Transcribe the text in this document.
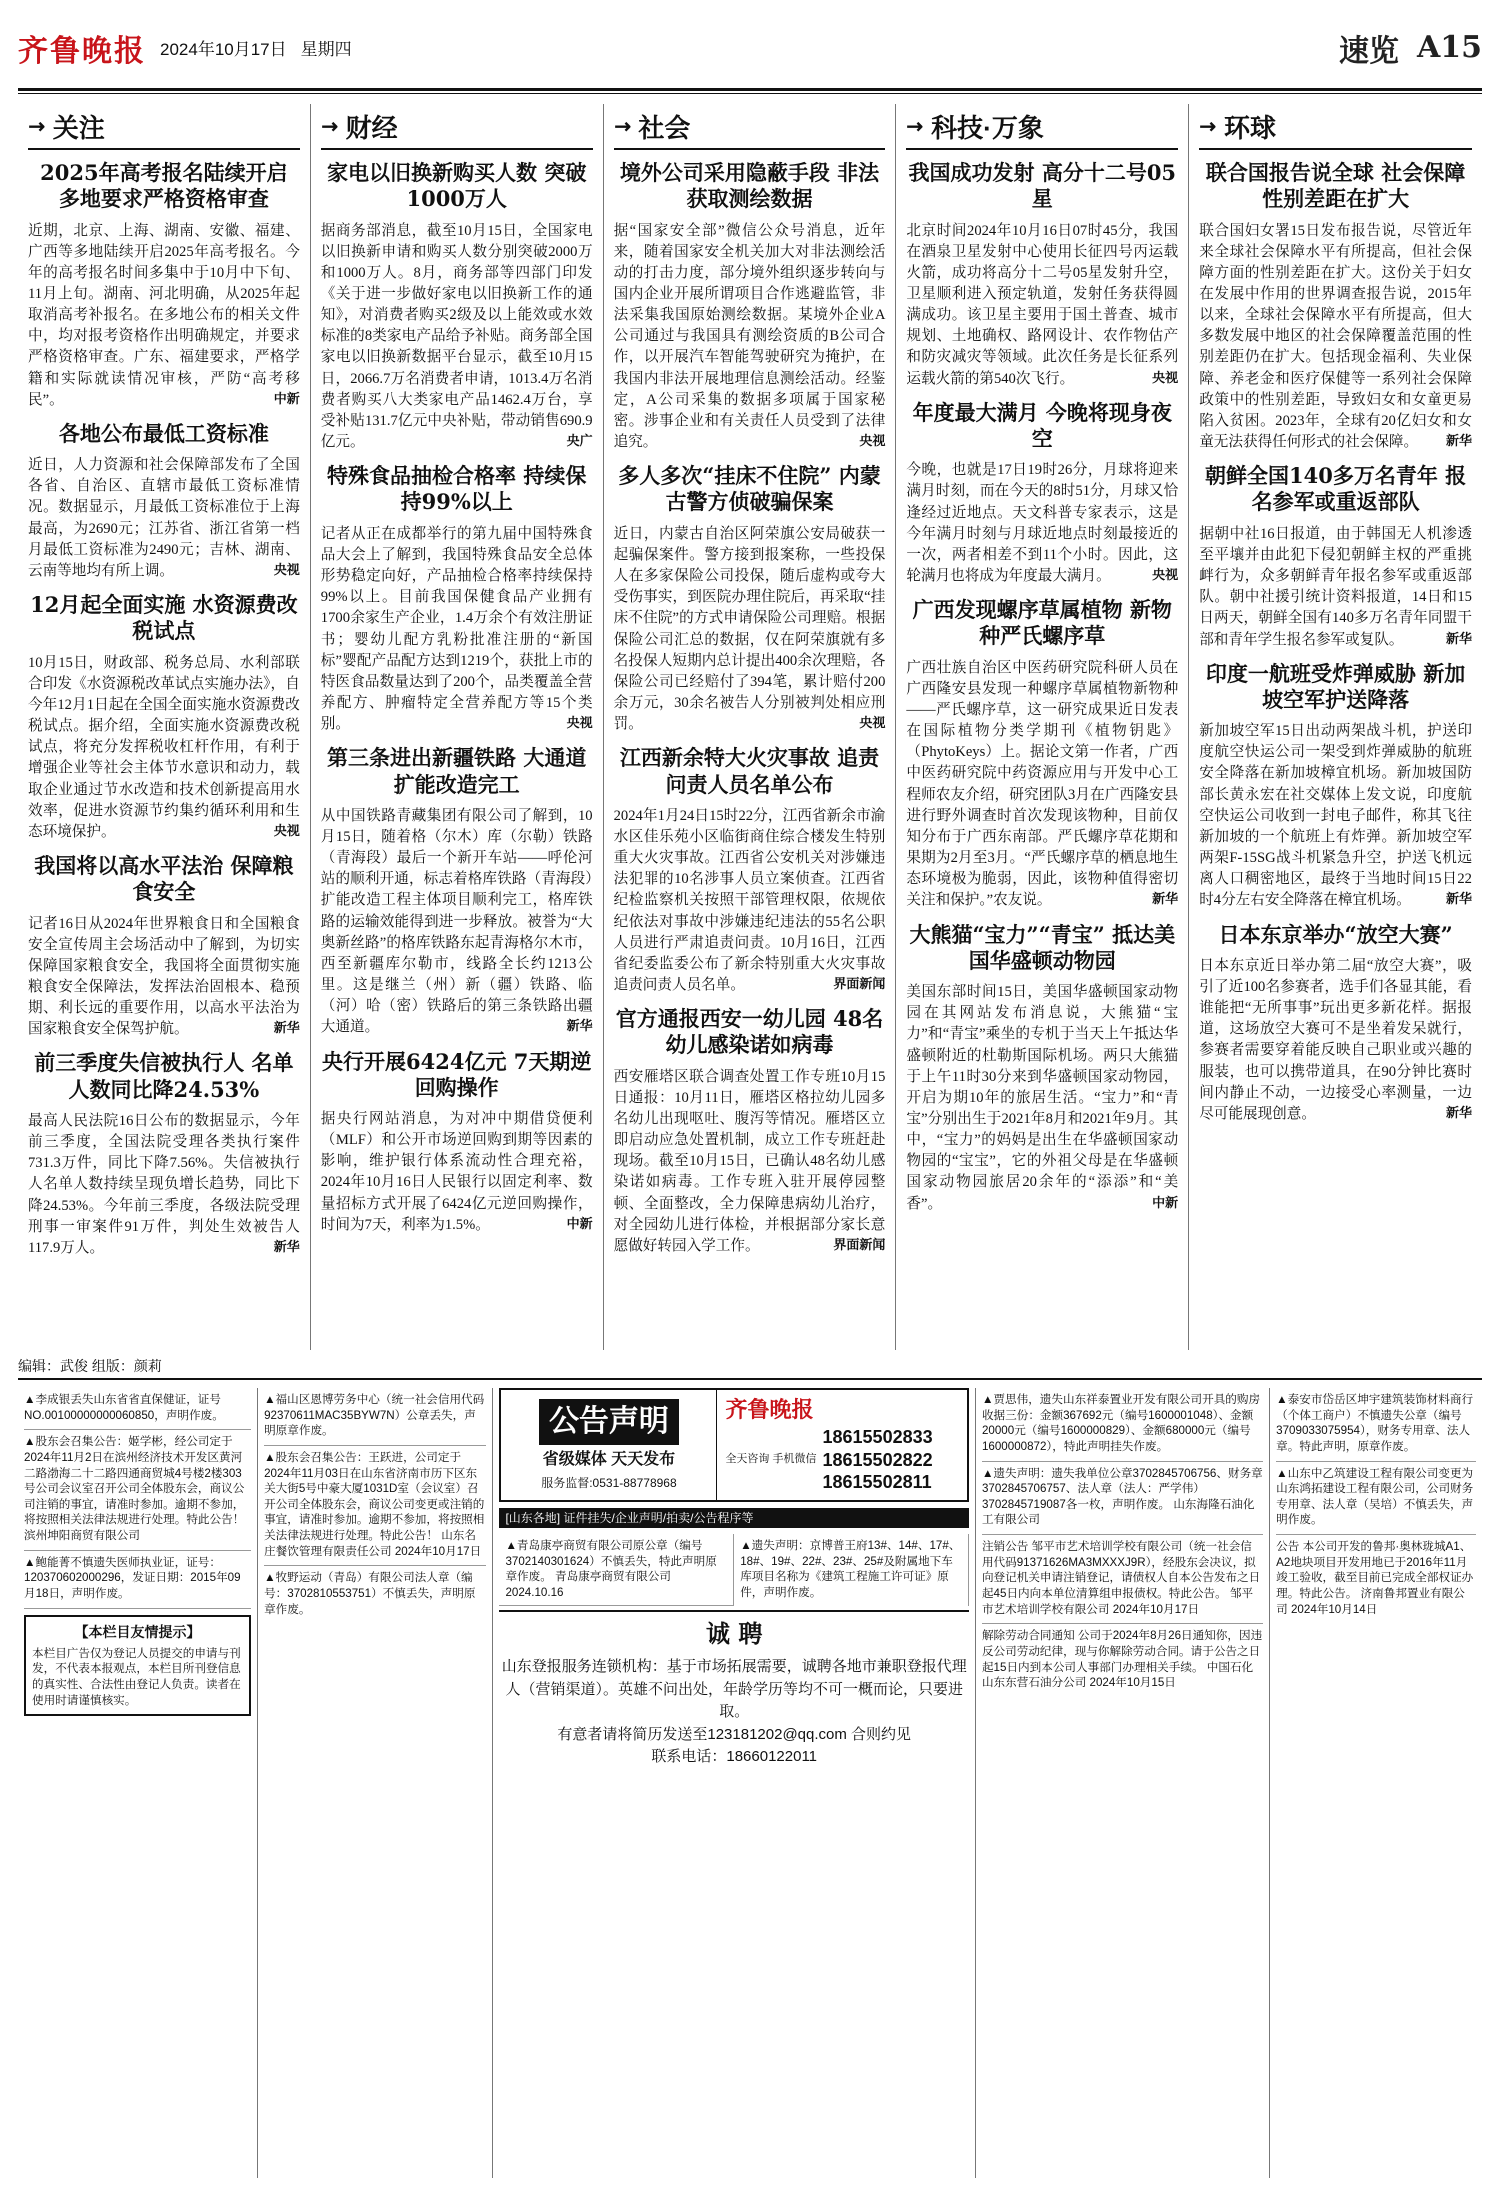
齐鲁晚报 2024年10月17日 星期四	速览 A15
↘ 关注
2025年高考报名陆续开启 多地要求严格资格审查
近期，北京、上海、湖南、安徽、福建、广西等多地陆续开启2025年高考报名。今年的高考报名时间多集中于10月中下旬、11月上旬。湖南、河北明确，从2025年起取消高考补报名。在多地公布的相关文件中，均对报考资格作出明确规定，并要求严格资格审查。广东、福建要求，严格学籍和实际就读情况审核，严防“高考移民”。	中新
各地公布最低工资标准
近日，人力资源和社会保障部发布了全国各省、自治区、直辖市最低工资标准情况。数据显示，月最低工资标准位于上海最高，为2690元；江苏省、浙江省第一档月最低工资标准为2490元；吉林、湖南、云南等地均有所上调。	央视
12月起全面实施 水资源费改税试点
10月15日，财政部、税务总局、水利部联合印发《水资源税改革试点实施办法》，自今年12月1日起在全国全面实施水资源费改税试点。据介绍，全面实施水资源费改税试点，将充分发挥税收杠杆作用，有利于增强企业等社会主体节水意识和动力，载取企业通过节水改造和技术创新提高用水效率，促进水资源节约集约循环利用和生态环境保护。	央视
我国将以高水平法治 保障粮食安全
记者16日从2024年世界粮食日和全国粮食安全宣传周主会场活动中了解到，为切实保障国家粮食安全，我国将全面贯彻实施粮食安全保障法，发挥法治固根本、稳预期、利长远的重要作用，以高水平法治为国家粮食安全保驾护航。	新华
前三季度失信被执行人 名单人数同比降24.53%
最高人民法院16日公布的数据显示，今年前三季度，全国法院受理各类执行案件731.3万件，同比下降7.56%。失信被执行人名单人数持续呈现负增长趋势，同比下降24.53%。今年前三季度，各级法院受理刑事一审案件91万件，判处生效被告人117.9万人。	新华
↘ 财经
家电以旧换新购买人数 突破1000万人
据商务部消息，截至10月15日，全国家电以旧换新申请和购买人数分别突破2000万和1000万人。8月，商务部等四部门印发《关于进一步做好家电以旧换新工作的通知》，对消费者购买2级及以上能效或水效标准的8类家电产品给予补贴。商务部全国家电以旧换新数据平台显示，截至10月15日，2066.7万名消费者申请，1013.4万名消费者购买八大类家电产品1462.4万台，享受补贴131.7亿元中央补贴，带动销售690.9亿元。	央广
特殊食品抽检合格率 持续保持99%以上
记者从正在成都举行的第九届中国特殊食品大会上了解到，我国特殊食品安全总体形势稳定向好，产品抽检合格率持续保持99%以上。目前我国保健食品产业拥有1700余家生产企业，1.4万余个有效注册证书；婴幼儿配方乳粉批准注册的“新国标”婴配产品配方达到1219个，获批上市的特医食品数量达到了200个，品类覆盖全营养配方、肿瘤特定全营养配方等15个类别。	央视
第三条进出新疆铁路 大通道扩能改造完工
从中国铁路青藏集团有限公司了解到，10月15日，随着格（尔木）库（尔勒）铁路（青海段）最后一个新开车站——呼伦河站的顺利开通，标志着格库铁路（青海段）扩能改造工程主体项目顺利完工，格库铁路的运输效能得到进一步释放。被誉为“大奥新丝路”的格库铁路东起青海格尔木市，西至新疆库尔勒市，线路全长约1213公里。这是继兰（州）新（疆）铁路、临（河）哈（密）铁路后的第三条铁路出疆大通道。	新华
央行开展6424亿元 7天期逆回购操作
据央行网站消息，为对冲中期借贷便利（MLF）和公开市场逆回购到期等因素的影响，维护银行体系流动性合理充裕，2024年10月16日人民银行以固定利率、数量招标方式开展了6424亿元逆回购操作，时间为7天，利率为1.5%。	中新
↘ 社会
境外公司采用隐蔽手段 非法获取测绘数据
据“国家安全部”微信公众号消息，近年来，随着国家安全机关加大对非法测绘活动的打击力度，部分境外组织逐步转向与国内企业开展所谓项目合作逃避监管，非法采集我国原始测绘数据。某境外企业A公司通过与我国具有测绘资质的B公司合作，以开展汽车智能驾驶研究为掩护，在我国内非法开展地理信息测绘活动。经鉴定，A公司采集的数据多项属于国家秘密。涉事企业和有关责任人员受到了法律追究。	央视
多人多次“挂床不住院” 内蒙古警方侦破骗保案
近日，内蒙古自治区阿荣旗公安局破获一起骗保案件。警方接到报案称，一些投保人在多家保险公司投保，随后虚构或夸大受伤事实，到医院办理住院后，再采取“挂床不住院”的方式申请保险公司理赔。根据保险公司汇总的数据，仅在阿荣旗就有多名投保人短期内总计提出400余次理赔，各保险公司已经赔付了394笔，累计赔付200余万元，30余名被告人分别被判处相应刑罚。	央视
江西新余特大火灾事故 追责问责人员名单公布
2024年1月24日15时22分，江西省新余市渝水区佳乐苑小区临街商住综合楼发生特别重大火灾事故。江西省公安机关对涉嫌违法犯罪的10名涉事人员立案侦查。江西省纪检监察机关按照干部管理权限，依规依纪依法对事故中涉嫌违纪违法的55名公职人员进行严肃追责问责。10月16日，江西省纪委监委公布了新余特别重大火灾事故追责问责人员名单。	界面新闻
官方通报西安一幼儿园 48名幼儿感染诺如病毒
西安雁塔区联合调查处置工作专班10月15日通报：10月11日，雁塔区格拉幼儿园多名幼儿出现呕吐、腹泻等情况。雁塔区立即启动应急处置机制，成立工作专班赶赴现场。截至10月15日，已确认48名幼儿感染诺如病毒。工作专班入驻开展停园整顿、全面整改，全力保障患病幼儿治疗，对全园幼儿进行体检，并根据部分家长意愿做好转园入学工作。	界面新闻
↘ 科技·万象
我国成功发射 高分十二号05星
北京时间2024年10月16日07时45分，我国在酒泉卫星发射中心使用长征四号丙运载火箭，成功将高分十二号05星发射升空，卫星顺利进入预定轨道，发射任务获得圆满成功。该卫星主要用于国土普查、城市规划、土地确权、路网设计、农作物估产和防灾减灾等领域。此次任务是长征系列运载火箭的第540次飞行。	央视
年度最大满月 今晚将现身夜空
今晚，也就是17日19时26分，月球将迎来满月时刻，而在今天的8时51分，月球又恰逢经过近地点。天文科普专家表示，这是今年满月时刻与月球近地点时刻最接近的一次，两者相差不到11个小时。因此，这轮满月也将成为年度最大满月。	央视
广西发现螺序草属植物 新物种严氏螺序草
广西壮族自治区中医药研究院科研人员在广西隆安县发现一种螺序草属植物新物种——严氏螺序草，这一研究成果近日发表在国际植物分类学期刊《植物钥匙》（PhytoKeys）上。据论文第一作者，广西中医药研究院中药资源应用与开发中心工程师农友介绍，研究团队3月在广西隆安县进行野外调查时首次发现该物种，目前仅知分布于广西东南部。严氏螺序草花期和果期为2月至3月。“严氏螺序草的栖息地生态环境极为脆弱，因此，该物种值得密切关注和保护。”农友说。	新华
大熊猫“宝力”“青宝” 抵达美国华盛顿动物园
美国东部时间15日，美国华盛顿国家动物园在其网站发布消息说，大熊猫“宝力”和“青宝”乘坐的专机于当天上午抵达华盛顿附近的杜勒斯国际机场。两只大熊猫于上午11时30分来到华盛顿国家动物园，开启为期10年的旅居生活。“宝力”和“青宝”分别出生于2021年8月和2021年9月。其中，“宝力”的妈妈是出生在华盛顿国家动物园的“宝宝”，它的外祖父母是在华盛顿国家动物园旅居20余年的“添添”和“美香”。	中新
↘ 环球
联合国报告说全球 社会保障性别差距在扩大
联合国妇女署15日发布报告说，尽管近年来全球社会保障水平有所提高，但社会保障方面的性别差距在扩大。这份关于妇女在发展中作用的世界调查报告说，2015年以来，全球社会保障水平有所提高，但大多数发展中地区的社会保障覆盖范围的性别差距仍在扩大。包括现金福利、失业保障、养老金和医疗保健等一系列社会保障政策中的性别差距，导致妇女和女童更易陷入贫困。2023年，全球有20亿妇女和女童无法获得任何形式的社会保障。 新华
朝鲜全国140多万名青年 报名参军或重返部队
据朝中社16日报道，由于韩国无人机渗透至平壤并由此犯下侵犯朝鲜主权的严重挑衅行为，众多朝鲜青年报名参军或重返部队。朝中社援引统计资料报道，14日和15日两天，朝鲜全国有140多万名青年同盟干部和青年学生报名参军或复队。	新华
印度一航班受炸弹威胁 新加坡空军护送降落
新加坡空军15日出动两架战斗机，护送印度航空快运公司一架受到炸弹威胁的航班安全降落在新加坡樟宜机场。新加坡国防部长黄永宏在社交媒体上发文说，印度航空快运公司收到一封电子邮件，称其飞往新加坡的一个航班上有炸弹。新加坡空军两架F-15SG战斗机紧急升空，护送飞机远离人口稠密地区，最终于当地时间15日22时4分左右安全降落在樟宜机场。	新华
日本东京举办“放空大赛”
日本东京近日举办第二届“放空大赛”，吸引了近100名参赛者，选手们各显其能，看谁能把“无所事事”玩出更多新花样。据报道，这场放空大赛可不是坐着发呆就行，参赛者需要穿着能反映自己职业或兴趣的服装，也可以携带道具，在90分钟比赛时间内静止不动，一边接受心率测量，一边尽可能展现创意。	新华
编辑：武俊 组版：颜莉
▲李成银丢失山东省省直保健证，证号NO.00100000000060850，声明作废。
▲股东会召集公告：姬学彬，经公司定于2024年11月2日在滨州经济技术开发区黄河二路渤海二十二路四通商贸城4号楼2楼303号公司会议室召开公司全体股东会，商议公司注销的事宜，请准时参加。逾期不参加，将按照相关法律法规进行处理。特此公告！ 滨州坤阳商贸有限公司
▲鲍能菁不慎遗失医师执业证，证号：120370602000296，发证日期：2015年09月18日，声明作废。
【本栏目友情提示】
本栏目广告仅为登记人员提交的申请与刊发，不代表本报观点，本栏目所刊登信息的真实性、合法性由登记人负责。读者在使用时请谨慎核实。
▲福山区恩博劳务中心（统一社会信用代码92370611MAC35BYW7N）公章丢失，声明原章作废。
▲股东会召集公告：王跃进，公司定于2024年11月03日在山东省济南市历下区东关大街5号中豪大厦1031D室（会议室）召开公司全体股东会，商议公司变更或注销的事宜，请准时参加。逾期不参加，将按照相关法律法规进行处理。特此公告！ 山东名庄餐饮管理有限责任公司 2024年10月17日
▲牧野运动（青岛）有限公司法人章（编号：3702810553751）不慎丢失，声明原章作废。
公告声明
省级媒体 天天发布
服务监督:0531-88778968
齐鲁晚报
全天咨询 手机微信
18615502833
18615502822
18615502811
[山东各地] 证件挂失/企业声明/拍卖/公告程序等
▲青岛康亭商贸有限公司原公章（编号3702140301624）不慎丢失，特此声明原章作废。 青岛康亭商贸有限公司 2024.10.16
▲遗失声明：京博普王府13#、14#、17#、18#、19#、22#、23#、25#及附属地下车库项目名称为《建筑工程施工许可证》原件，声明作废。
诚 聘
山东登报服务连锁机构：基于市场拓展需要，诚聘各地市兼职登报代理人（营销渠道）。英雄不问出处，年龄学历等均不可一概而论，只要进取。
有意者请将简历发送至123181202@qq.com 合则约见
联系电话：18660122011
▲贾思伟，遗失山东祥泰置业开发有限公司开具的购房收据三份：金额367692元（编号1600001048）、金额20000元（编号1600000829）、金额680000元（编号1600000872），特此声明挂失作废。
▲遗失声明：遗失我单位公章3702845706756、财务章3702845706757、法人章（法人：严学伟）3702845719087各一枚，声明作废。 山东海隆石油化工有限公司
注销公告 邹平市艺术培训学校有限公司（统一社会信用代码91371626MA3MXXXJ9R），经股东会决议，拟向登记机关申请注销登记，请债权人自本公告发布之日起45日内向本单位清算组申报债权。特此公告。 邹平市艺术培训学校有限公司 2024年10月17日
解除劳动合同通知 公司于2024年8月26日通知你，因违反公司劳动纪律，现与你解除劳动合同。请于公告之日起15日内到本公司人事部门办理相关手续。 中国石化山东东营石油分公司 2024年10月15日
▲泰安市岱岳区坤宇建筑装饰材料商行（个体工商户）不慎遗失公章（编号3709033075954），财务专用章、法人章。特此声明，原章作废。
▲山东中乙筑建设工程有限公司变更为山东鸿拓建设工程有限公司，公司财务专用章、法人章（吴培）不慎丢失，声明作废。
公告 本公司开发的鲁邦·奥林珑城A1、A2地块项目开发用地已于2016年11月竣工验收，截至目前已完成全部权证办理。特此公告。 济南鲁邦置业有限公司 2024年10月14日
